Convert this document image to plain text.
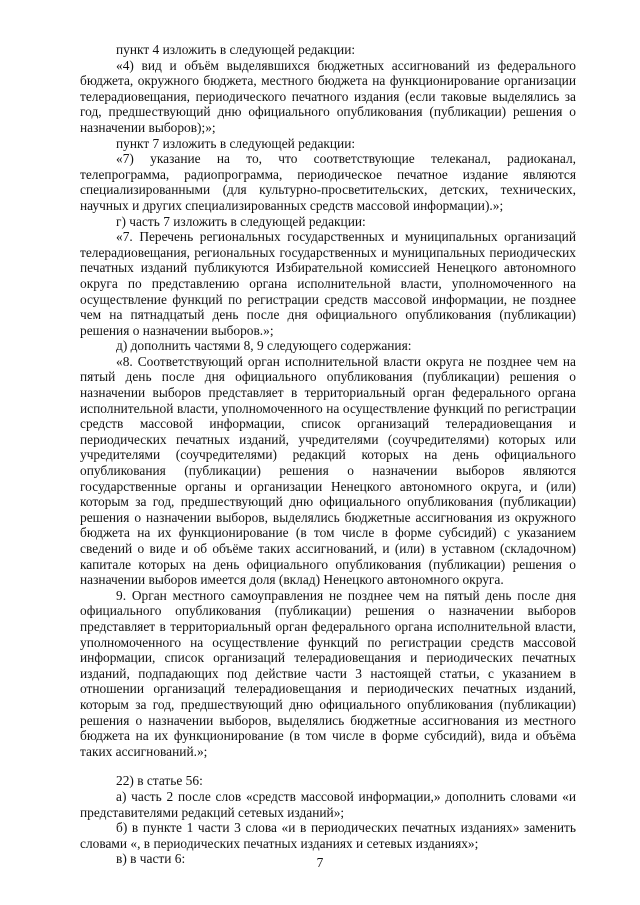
пункт 4 изложить в следующей редакции:

«4) вид и объём выделявшихся бюджетных ассигнований из федерального бюджета, окружного бюджета, местного бюджета на функционирование организации телерадиовещания, периодического печатного издания (если таковые выделялись за год, предшествующий дню официального опубликования (публикации) решения о назначении выборов);»;

пункт 7 изложить в следующей редакции:

«7) указание на то, что соответствующие телеканал, радиоканал, телепрограмма, радиопрограмма, периодическое печатное издание являются специализированными (для культурно-просветительских, детских, технических, научных и других специализированных средств массовой информации).»;

г) часть 7 изложить в следующей редакции:

«7. Перечень региональных государственных и муниципальных организаций телерадиовещания, региональных государственных и муниципальных периодических печатных изданий публикуются Избирательной комиссией Ненецкого автономного округа по представлению органа исполнительной власти, уполномоченного на осуществление функций по регистрации средств массовой информации, не позднее чем на пятнадцатый день после дня официального опубликования (публикации) решения о назначении выборов.»;

д) дополнить частями 8, 9 следующего содержания:

«8. Соответствующий орган исполнительной власти округа не позднее чем на пятый день после дня официального опубликования (публикации) решения о назначении выборов представляет в территориальный орган федерального органа исполнительной власти, уполномоченного на осуществление функций по регистрации средств массовой информации, список организаций телерадиовещания и периодических печатных изданий, учредителями (соучредителями) которых или учредителями (соучредителями) редакций которых на день официального опубликования (публикации) решения о назначении выборов являются государственные органы и организации Ненецкого автономного округа, и (или) которым за год, предшествующий дню официального опубликования (публикации) решения о назначении выборов, выделялись бюджетные ассигнования из окружного бюджета на их функционирование (в том числе в форме субсидий) с указанием сведений о виде и об объёме таких ассигнований, и (или) в уставном (складочном) капитале которых на день официального опубликования (публикации) решения о назначении выборов имеется доля (вклад) Ненецкого автономного округа.

9. Орган местного самоуправления не позднее чем на пятый день после дня официального опубликования (публикации) решения о назначении выборов представляет в территориальный орган федерального органа исполнительной власти, уполномоченного на осуществление функций по регистрации средств массовой информации, список организаций телерадиовещания и периодических печатных изданий, подпадающих под действие части 3 настоящей статьи, с указанием в отношении организаций телерадиовещания и периодических печатных изданий, которым за год, предшествующий дню официального опубликования (публикации) решения о назначении выборов, выделялись бюджетные ассигнования из местного бюджета на их функционирование (в том числе в форме субсидий), вида и объёма таких ассигнований.»;

22) в статье 56:

а) часть 2 после слов «средств массовой информации,» дополнить словами «и представителями редакций сетевых изданий»;

б) в пункте 1 части 3 слова «и в периодических печатных изданиях» заменить словами «, в периодических печатных изданиях и сетевых изданиях»;

в) в части 6:	7
